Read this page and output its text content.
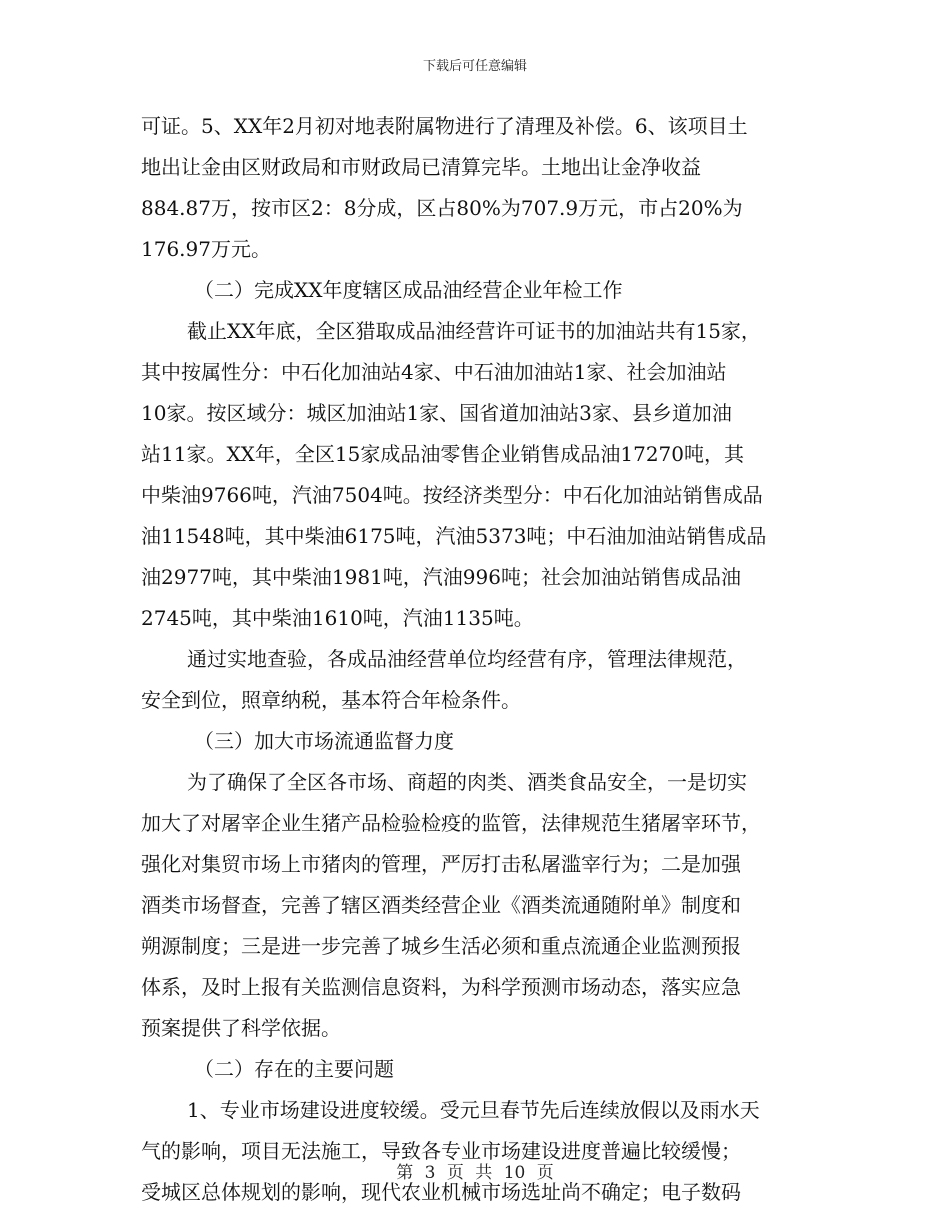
下载后可任意编辑
可证。5、XX年2月初对地表附属物进行了清理及补偿。6、该项目土
地出让金由区财政局和市财政局已清算完毕。土地出让金净收益
884.87万，按市区2：8分成，区占80%为707.9万元，市占20%为
176.97万元。
（二）完成XX年度辖区成品油经营企业年检工作
截止XX年底，全区猎取成品油经营许可证书的加油站共有15家，
其中按属性分：中石化加油站4家、中石油加油站1家、社会加油站
10家。按区域分：城区加油站1家、国省道加油站3家、县乡道加油
站11家。XX年，全区15家成品油零售企业销售成品油17270吨，其
中柴油9766吨，汽油7504吨。按经济类型分：中石化加油站销售成品
油11548吨，其中柴油6175吨，汽油5373吨；中石油加油站销售成品
油2977吨，其中柴油1981吨，汽油996吨；社会加油站销售成品油
2745吨，其中柴油1610吨，汽油1135吨。
通过实地查验，各成品油经营单位均经营有序，管理法律规范，
安全到位，照章纳税，基本符合年检条件。
（三）加大市场流通监督力度
为了确保了全区各市场、商超的肉类、酒类食品安全，一是切实
加大了对屠宰企业生猪产品检验检疫的监管，法律规范生猪屠宰环节，
强化对集贸市场上市猪肉的管理，严厉打击私屠滥宰行为；二是加强
酒类市场督查，完善了辖区酒类经营企业《酒类流通随附单》制度和
朔源制度；三是进一步完善了城乡生活必须和重点流通企业监测预报
体系，及时上报有关监测信息资料，为科学预测市场动态，落实应急
预案提供了科学依据。
（二）存在的主要问题
1、专业市场建设进度较缓。受元旦春节先后连续放假以及雨水天
气的影响，项目无法施工，导致各专业市场建设进度普遍比较缓慢；
受城区总体规划的影响，现代农业机械市场选址尚不确定；电子数码
第 3 页 共 10 页
